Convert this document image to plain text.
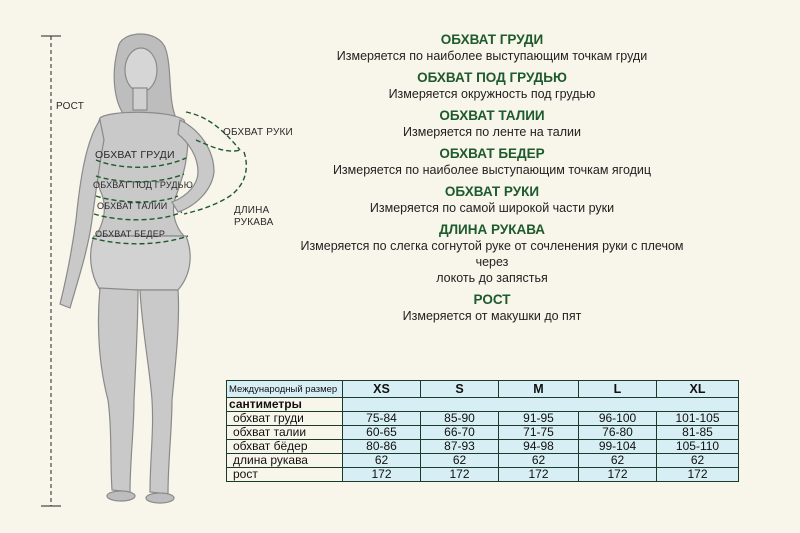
РОСТ
ОБХВАТ РУКИ
ОБХВАТ ГРУДИ
ОБХВАТ ПОД ГРУДЬЮ
ОБХВАТ ТАЛИИ
ОБХВАТ БЕДЕР
ДЛИНА
РУКАВА
ОБХВАТ ГРУДИ
Измеряется по наиболее выступающим точкам груди
ОБХВАТ ПОД ГРУДЬЮ
Измеряется окружность под грудью
ОБХВАТ ТАЛИИ
Измеряется по ленте на талии
ОБХВАТ БЕДЕР
Измеряется по наиболее выступающим точкам ягодиц
ОБХВАТ РУКИ
Измеряется по самой широкой части руки
ДЛИНА РУКАВА
Измеряется по слегка согнутой руке от сочленения руки с плечом через
локоть до запястья
РОСТ
Измеряется от макушки до пят
Международный размер	XS	S	M	L	XL
сантиметры					
обхват груди	75-84	85-90	91-95	96-100	101-105
обхват талии	60-65	66-70	71-75	76-80	81-85
обхват бёдер	80-86	87-93	94-98	99-104	105-110
длина рукава	62	62	62	62	62
рост	172	172	172	172	172
